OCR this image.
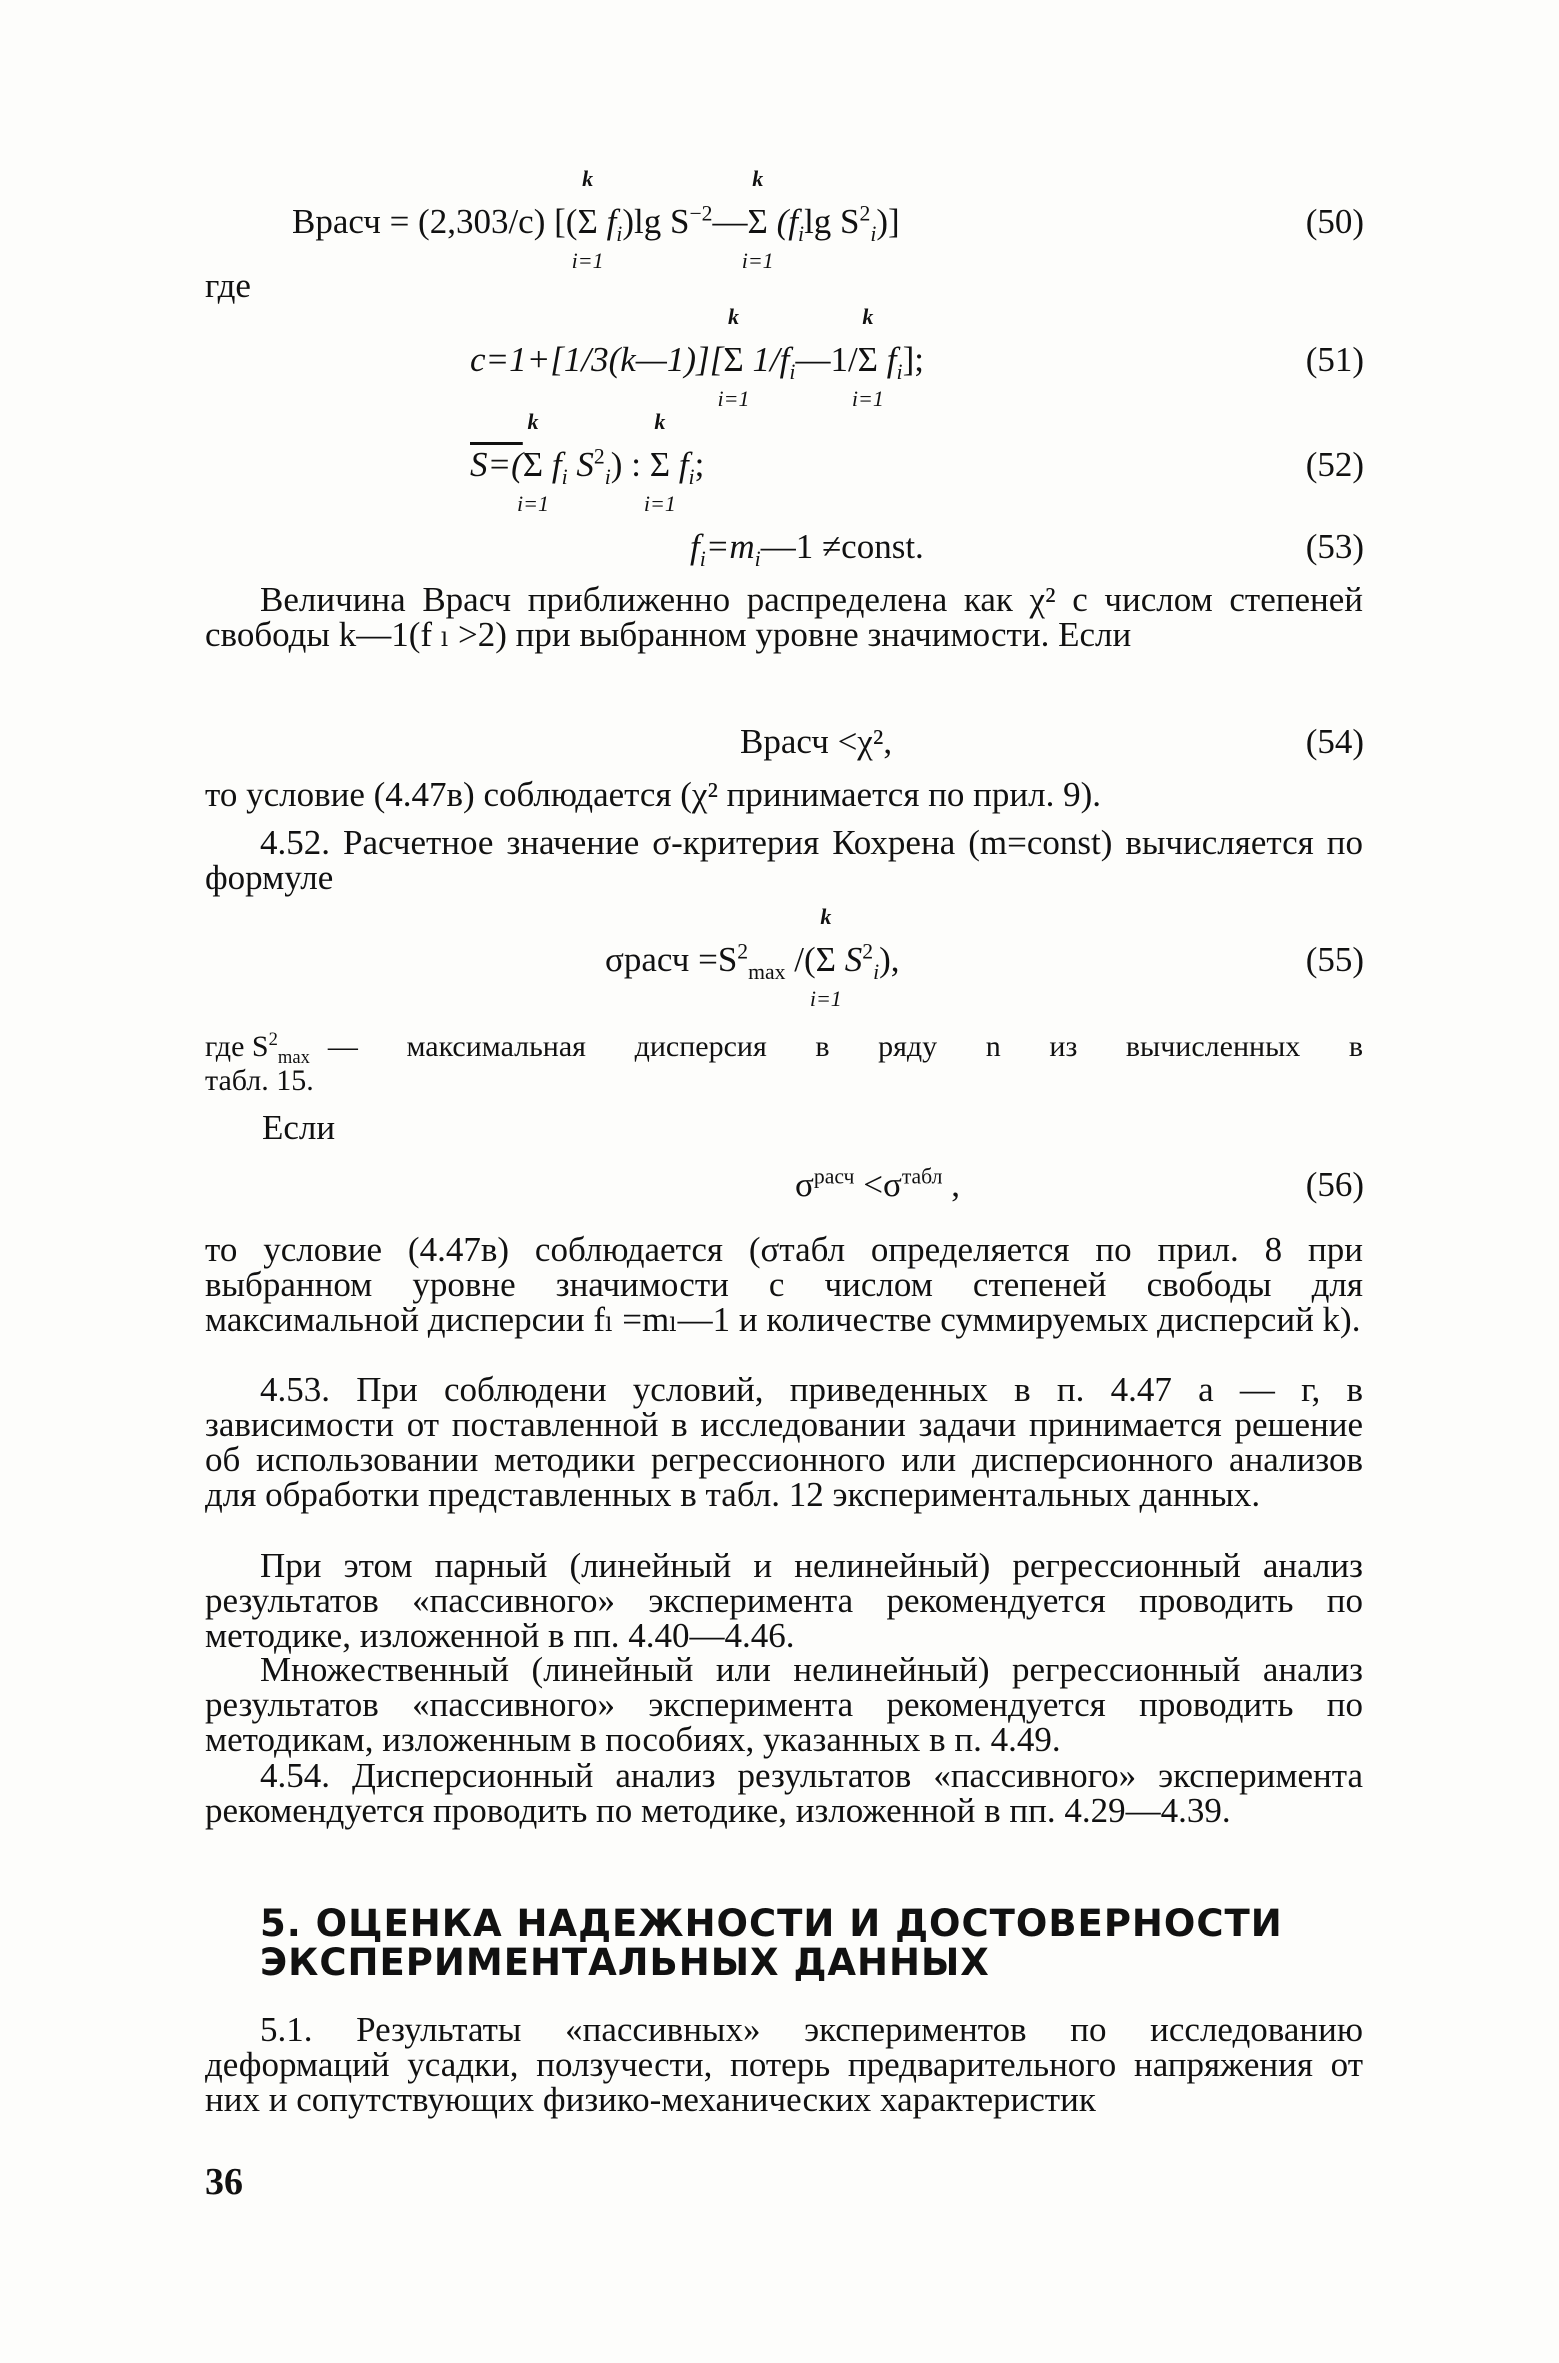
Bрасч = (2,303/c) [(
k
Σ
i=1
$f_i)\lg$ $S^{-2}—$
k
Σ
i=1
($f_i\lg$ $S^2_i$)]	(50)
где
c=1+[1/3(k—1)][
k
Σ
i=1
$1/f_i—1/$
k
Σ
i=1
$f_i$];	(51)
S=(
k
Σ
i=1
$f_i$ $S^2_i$) :
k
Σ
i=1
$f_i$;	(52)
$f_i=m_i—1$ ≠const.	(53)
Величина Bрасч приближенно распределена как χ² с числом степеней свободы k—1(f ₗ >2) при выбранном уровне значимости. Если
Bрасч <χ²,	(54)
то условие (4.47в) соблюдается (χ² принимается по прил. 9).
4.52. Расчетное значение σ-критерия Кохрена (m=const) вычисляется по формуле
σрасч $=S^2_{max}$ /(
k
Σ
i=1
$S^2_i$),	(55)
где $S^2_{max}$ — максимальная дисперсия в ряду n из вычисленных в
табл. 15.
Если
$\sigma^{расч} <\sigma^{табл}$ ,	(56)
то условие (4.47в) соблюдается (σтабл определяется по прил. 8 при выбранном уровне значимости с числом степеней свободы для максимальной дисперсии fₗ =mₗ—1 и количестве суммируемых дисперсий k).
4.53. При соблюдени условий, приведенных в п. 4.47 а — г, в зависимости от поставленной в исследовании задачи принимается решение об использовании методики регрессионного или дисперсионного анализов для обработки представленных в табл. 12 экспериментальных данных.
При этом парный (линейный и нелинейный) регрессионный анализ результатов «пассивного» эксперимента рекомендуется проводить по методике, изложенной в пп. 4.40—4.46.
Множественный (линейный или нелинейный) регрессионный анализ результатов «пассивного» эксперимента рекомендуется проводить по методикам, изложенным в пособиях, указанных в п. 4.49.
4.54. Дисперсионный анализ результатов «пассивного» эксперимента рекомендуется проводить по методике, изложенной в пп. 4.29—4.39.
5. ОЦЕНКА НАДЕЖНОСТИ И ДОСТОВЕРНОСТИ ЭКСПЕРИМЕНТАЛЬНЫХ ДАННЫХ
5.1. Результаты «пассивных» экспериментов по исследованию деформаций усадки, ползучести, потерь предварительного напряжения от них и сопутствующих физико-механических характеристик
36
